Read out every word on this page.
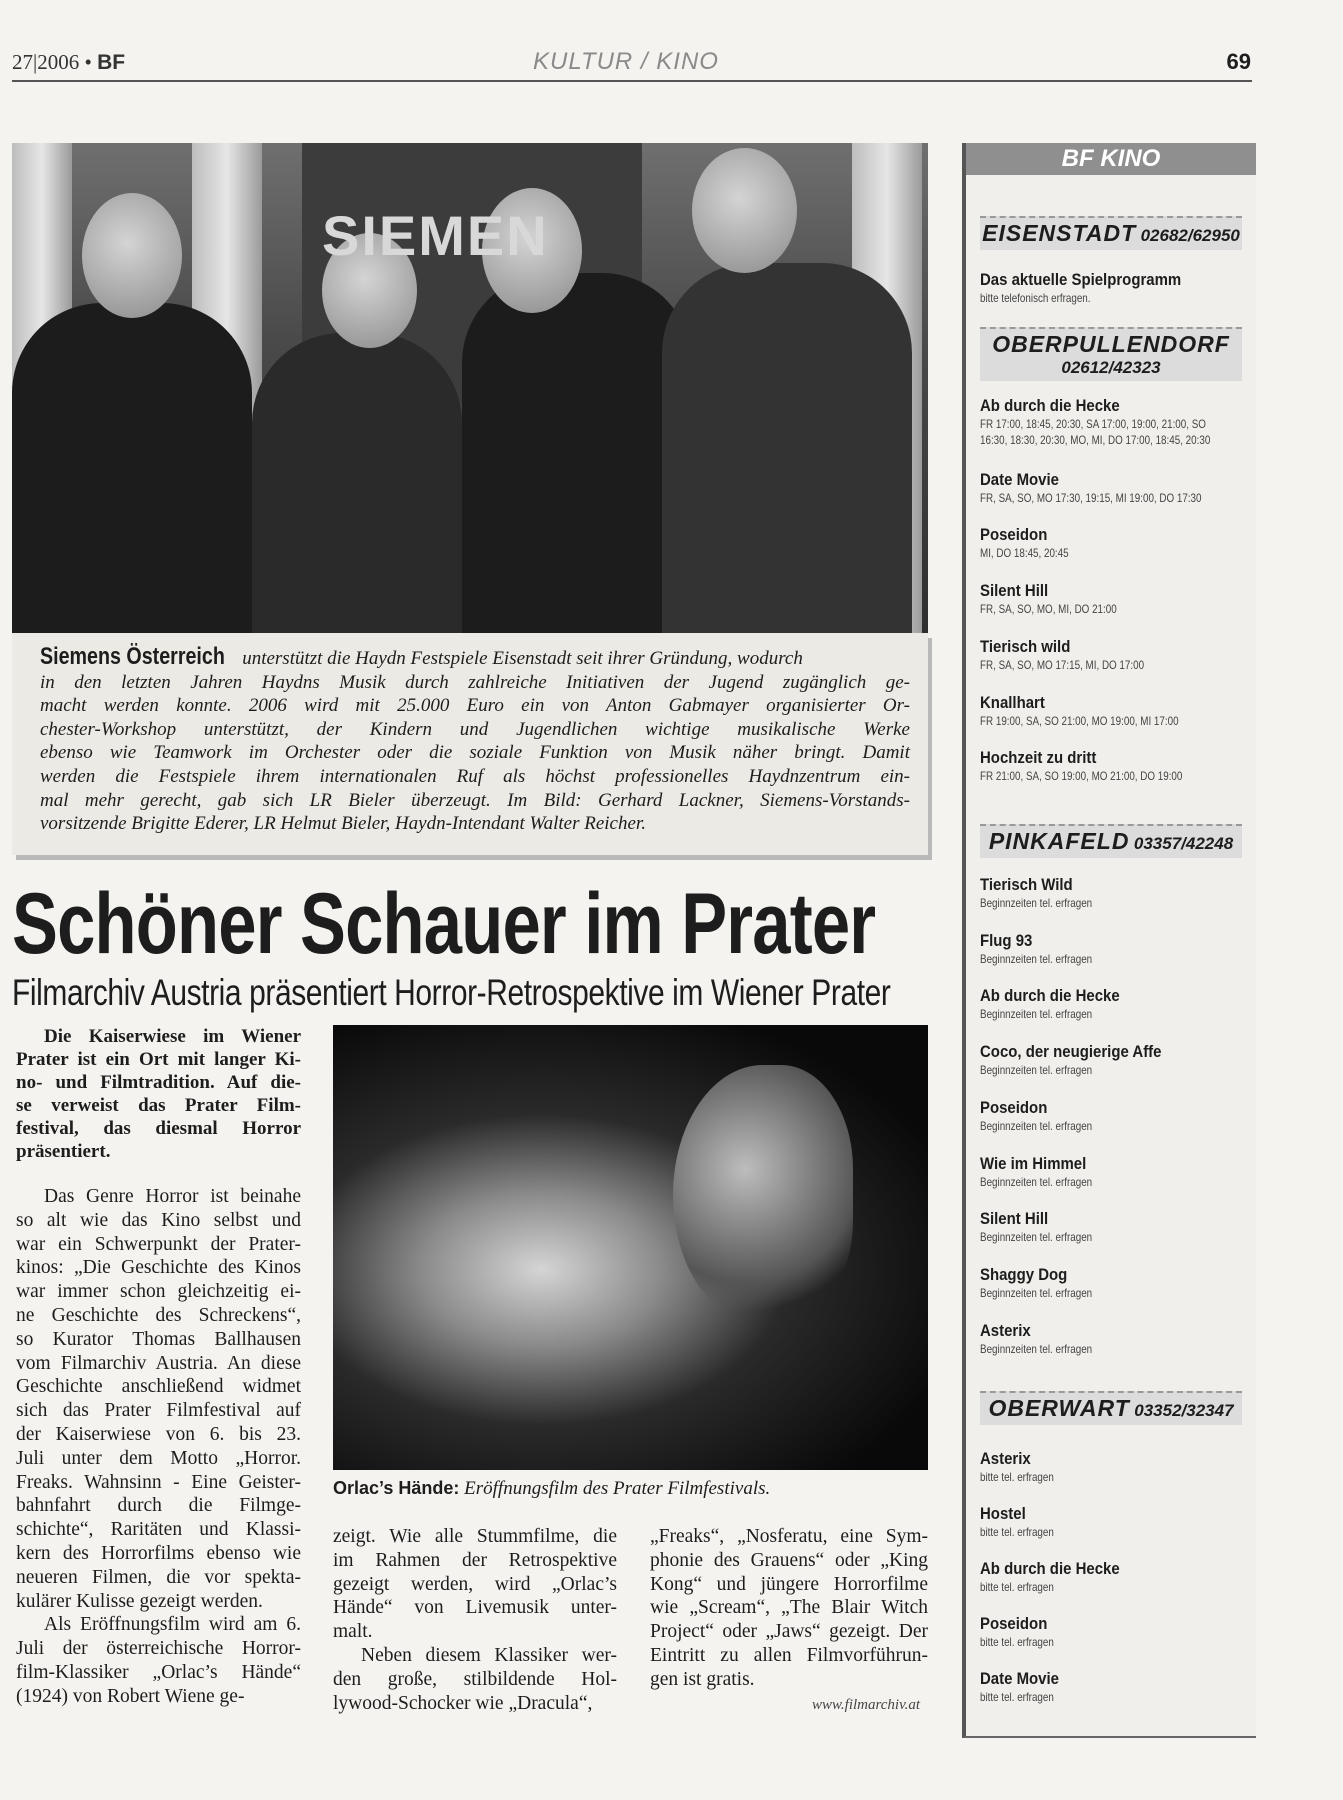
27|2006 • BF	KULTUR / KINO	69
SIEMEN
Siemens Österreich unterstützt die Haydn Festspiele Eisenstadt seit ihrer Gründung, wodurch
in den letzten Jahren Haydns Musik durch zahlreiche Initiativen der Jugend zugänglich ge-
macht werden konnte. 2006 wird mit 25.000 Euro ein von Anton Gabmayer organisierter Or-
chester-Workshop unterstützt, der Kindern und Jugendlichen wichtige musikalische Werke
ebenso wie Teamwork im Orchester oder die soziale Funktion von Musik näher bringt. Damit
werden die Festspiele ihrem internationalen Ruf als höchst professionelles Haydnzentrum ein-
mal mehr gerecht, gab sich LR Bieler überzeugt. Im Bild: Gerhard Lackner, Siemens-Vorstands-
vorsitzende Brigitte Ederer, LR Helmut Bieler, Haydn-Intendant Walter Reicher.
Schöner Schauer im Prater
Filmarchiv Austria präsentiert Horror-Retrospektive im Wiener Prater
Die Kaiserwiese im Wiener
Prater ist ein Ort mit langer Ki-
no- und Filmtradition. Auf die-
se verweist das Prater Film-
festival, das diesmal Horror
präsentiert.
Das Genre Horror ist beinahe
so alt wie das Kino selbst und
war ein Schwerpunkt der Prater-
kinos: „Die Geschichte des Kinos
war immer schon gleichzeitig ei-
ne Geschichte des Schreckens“,
so Kurator Thomas Ballhausen
vom Filmarchiv Austria. An diese
Geschichte anschließend widmet
sich das Prater Filmfestival auf
der Kaiserwiese von 6. bis 23.
Juli unter dem Motto „Horror.
Freaks. Wahnsinn - Eine Geister-
bahnfahrt durch die Filmge-
schichte“, Raritäten und Klassi-
kern des Horrorfilms ebenso wie
neueren Filmen, die vor spekta-
kulärer Kulisse gezeigt werden.
Als Eröffnungsfilm wird am 6.
Juli der österreichische Horror-
film-Klassiker „Orlac’s Hände“
(1924) von Robert Wiene ge-
Orlac’s Hände: Eröffnungsfilm des Prater Filmfestivals.
zeigt. Wie alle Stummfilme, die
im Rahmen der Retrospektive
gezeigt werden, wird „Orlac’s
Hände“ von Livemusik unter-
malt.
Neben diesem Klassiker wer-
den große, stilbildende Hol-
lywood-Schocker wie „Dracula“,
„Freaks“, „Nosferatu, eine Sym-
phonie des Grauens“ oder „King
Kong“ und jüngere Horrorfilme
wie „Scream“, „The Blair Witch
Project“ oder „Jaws“ gezeigt. Der
Eintritt zu allen Filmvorführun-
gen ist gratis.
www.filmarchiv.at
BF KINO
EISENSTADT 02682/62950
Das aktuelle Spielprogramm
bitte telefonisch erfragen.
OBERPULLENDORF
02612/42323
Ab durch die Hecke
FR 17:00, 18:45, 20:30, SA 17:00, 19:00, 21:00, SO
16:30, 18:30, 20:30, MO, MI, DO 17:00, 18:45, 20:30
Date Movie
FR, SA, SO, MO 17:30, 19:15, MI 19:00, DO 17:30
Poseidon
MI, DO 18:45, 20:45
Silent Hill
FR, SA, SO, MO, MI, DO 21:00
Tierisch wild
FR, SA, SO, MO 17:15, MI, DO 17:00
Knallhart
FR 19:00, SA, SO 21:00, MO 19:00, MI 17:00
Hochzeit zu dritt
FR 21:00, SA, SO 19:00, MO 21:00, DO 19:00
PINKAFELD 03357/42248
Tierisch Wild
Beginnzeiten tel. erfragen
Flug 93
Beginnzeiten tel. erfragen
Ab durch die Hecke
Beginnzeiten tel. erfragen
Coco, der neugierige Affe
Beginnzeiten tel. erfragen
Poseidon
Beginnzeiten tel. erfragen
Wie im Himmel
Beginnzeiten tel. erfragen
Silent Hill
Beginnzeiten tel. erfragen
Shaggy Dog
Beginnzeiten tel. erfragen
Asterix
Beginnzeiten tel. erfragen
OBERWART 03352/32347
Asterix
bitte tel. erfragen
Hostel
bitte tel. erfragen
Ab durch die Hecke
bitte tel. erfragen
Poseidon
bitte tel. erfragen
Date Movie
bitte tel. erfragen
